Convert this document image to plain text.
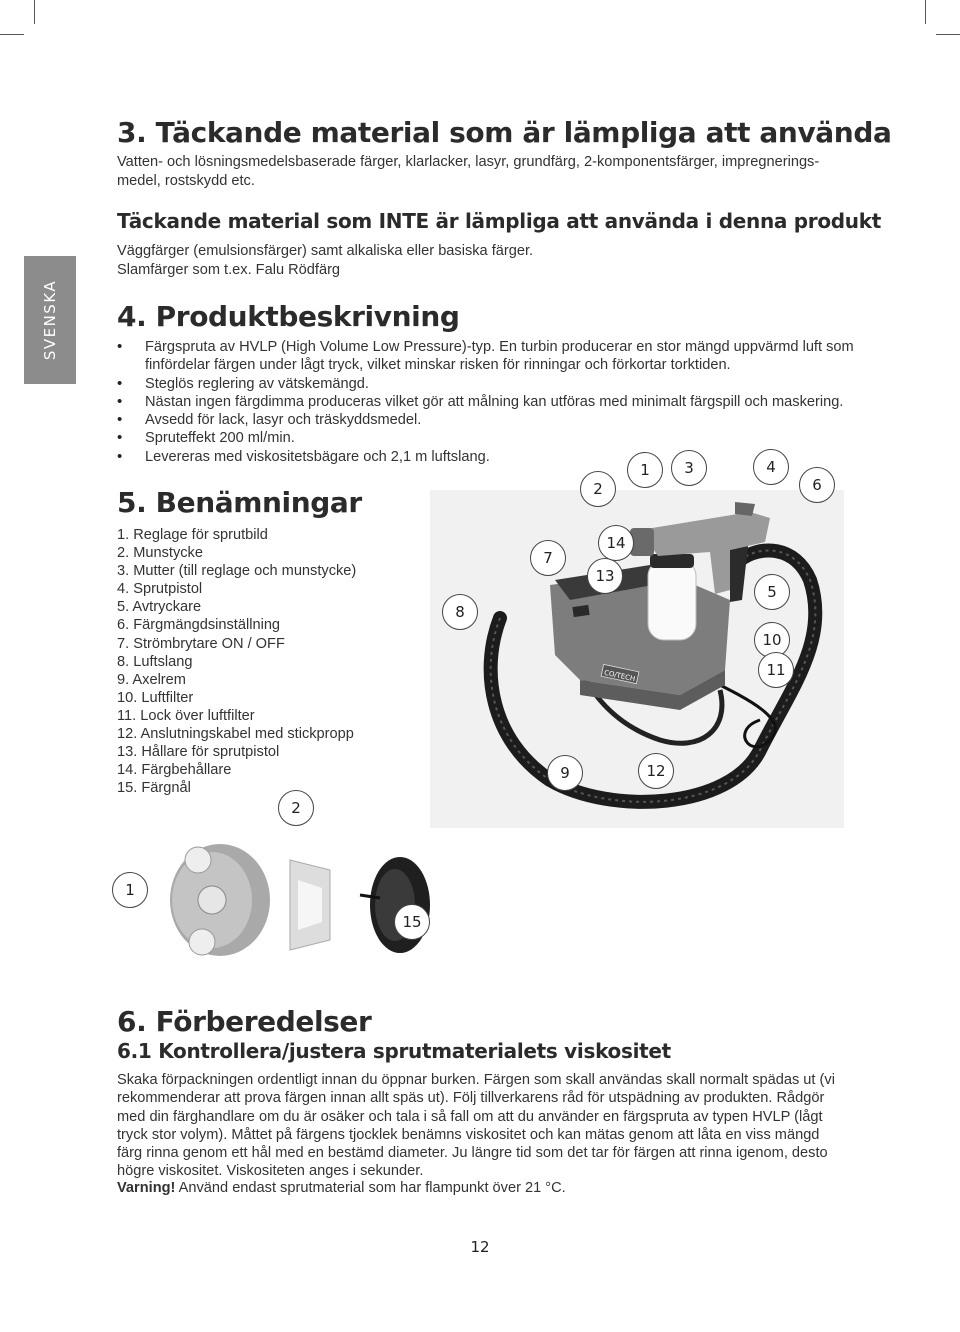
SVENSKA
3. Täckande material som är lämpliga att använda

Vatten- och lösningsmedelsbaserade färger, klarlacker, lasyr, grundfärg, 2-komponentsfärger, impregnerings-medel, rostskydd etc.

Täckande material som INTE är lämpliga att använda i denna produkt

Väggfärger (emulsionsfärger) samt alkaliska eller basiska färger.

Slamfärger som t.ex. Falu Rödfärg

4. Produktbeskrivning
• Färgspruta av HVLP (High Volume Low Pressure)-typ. En turbin producerar en stor mängd uppvärmd luft som finfördelar färgen under lågt tryck, vilket minskar risken för rinningar och förkortar torktiden.
• Steglös reglering av vätskemängd.
• Nästan ingen färgdimma produceras vilket gör att målning kan utföras med minimalt färgspill och maskering.
• Avsedd för lack, lasyr och träskyddsmedel.
• Spruteffekt 200 ml/min.
• Levereras med viskositetsbägare och 2,1 m luftslang.
5. Benämningar
1. Reglage för sprutbild
2. Munstycke
3. Mutter (till reglage och munstycke)
4. Sprutpistol
5. Avtryckare
6. Färgmängdsinställning
7. Strömbrytare ON / OFF
8. Luftslang
9. Axelrem
10. Luftfilter
11. Lock över luftfilter
12. Anslutningskabel med stickpropp
13. Hållare för sprutpistol
14. Färgbehållare
15. Färgnål
CO/TECH
1
2
3	4
5
6
7
8
9
10
11
12
13
14
2
1
15
6. Förberedelser
6.1 Kontrollera/justera sprutmaterialets viskositet

Skaka förpackningen ordentligt innan du öppnar burken. Färgen som skall användas skall normalt spädas ut (vi rekommenderar att prova färgen innan allt späs ut). Följ tillverkarens råd för utspädning av produkten. Rådgör med din färghandlare om du är osäker och tala i så fall om att du använder en färgspruta av typen HVLP (lågt tryck stor volym). Måttet på färgens tjocklek benämns viskositet och kan mätas genom att låta en viss mängd färg rinna genom ett hål med en bestämd diameter. Ju längre tid som det tar för färgen att rinna igenom, desto högre viskositet. Viskositeten anges i sekunder.

Varning! Använd endast sprutmaterial som har flampunkt över 21 °C.

12
